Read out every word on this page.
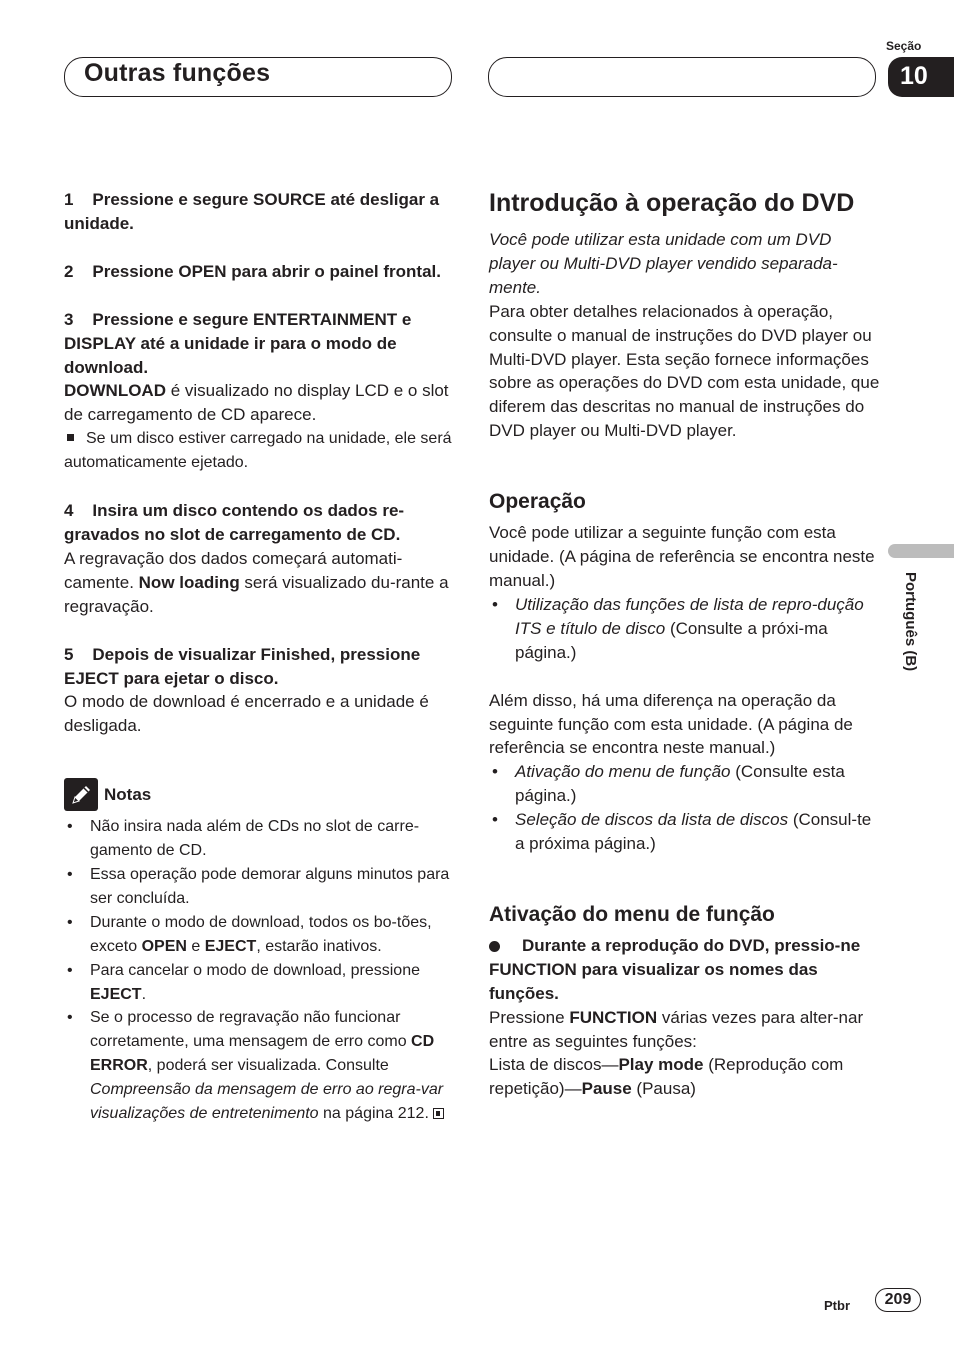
Outras funções
Seção
10
Português (B)

1 Pressione e segure SOURCE até desligar a unidade.

2 Pressione OPEN para abrir o painel frontal.

3 Pressione e segure ENTERTAINMENT e DISPLAY até a unidade ir para o modo de download.

DOWNLOAD é visualizado no display LCD e o slot de carregamento de CD aparece.

Se um disco estiver carregado na unidade, ele será automaticamente ejetado.

4 Insira um disco contendo os dados re-gravados no slot de carregamento de CD.

A regravação dos dados começará automati-camente. Now loading será visualizado du-rante a regravação.

5 Depois de visualizar Finished, pressione EJECT para ejetar o disco.

O modo de download é encerrado e a unidade é desligada.

Notas

• Não insira nada além de CDs no slot de carre-gamento de CD.

• Essa operação pode demorar alguns minutos para ser concluída.

• Durante o modo de download, todos os bo-tões, exceto OPEN e EJECT, estarão inativos.

• Para cancelar o modo de download, pressione EJECT.

• Se o processo de regravação não funcionar corretamente, uma mensagem de erro como CD ERROR, poderá ser visualizada. Consulte Compreensão da mensagem de erro ao regra-var visualizações de entretenimento na página 212.

Introdução à operação do DVD

Você pode utilizar esta unidade com um DVD player ou Multi-DVD player vendido separada-mente.

Para obter detalhes relacionados à operação, consulte o manual de instruções do DVD player ou Multi-DVD player. Esta seção fornece informações sobre as operações do DVD com esta unidade, que diferem das descritas no manual de instruções do DVD player ou Multi-DVD player.

Operação

Você pode utilizar a seguinte função com esta unidade. (A página de referência se encontra neste manual.)

• Utilização das funções de lista de repro-dução ITS e título de disco (Consulte a próxi-ma página.)

Além disso, há uma diferença na operação da seguinte função com esta unidade. (A página de referência se encontra neste manual.)

• Ativação do menu de função (Consulte esta página.)

• Seleção de discos da lista de discos (Consul-te a próxima página.)

Ativação do menu de função

Durante a reprodução do DVD, pressio-ne FUNCTION para visualizar os nomes das funções.

Pressione FUNCTION várias vezes para alter-nar entre as seguintes funções:

Lista de discos—Play mode (Reprodução com repetição)—Pause (Pausa)

Ptbr	209
